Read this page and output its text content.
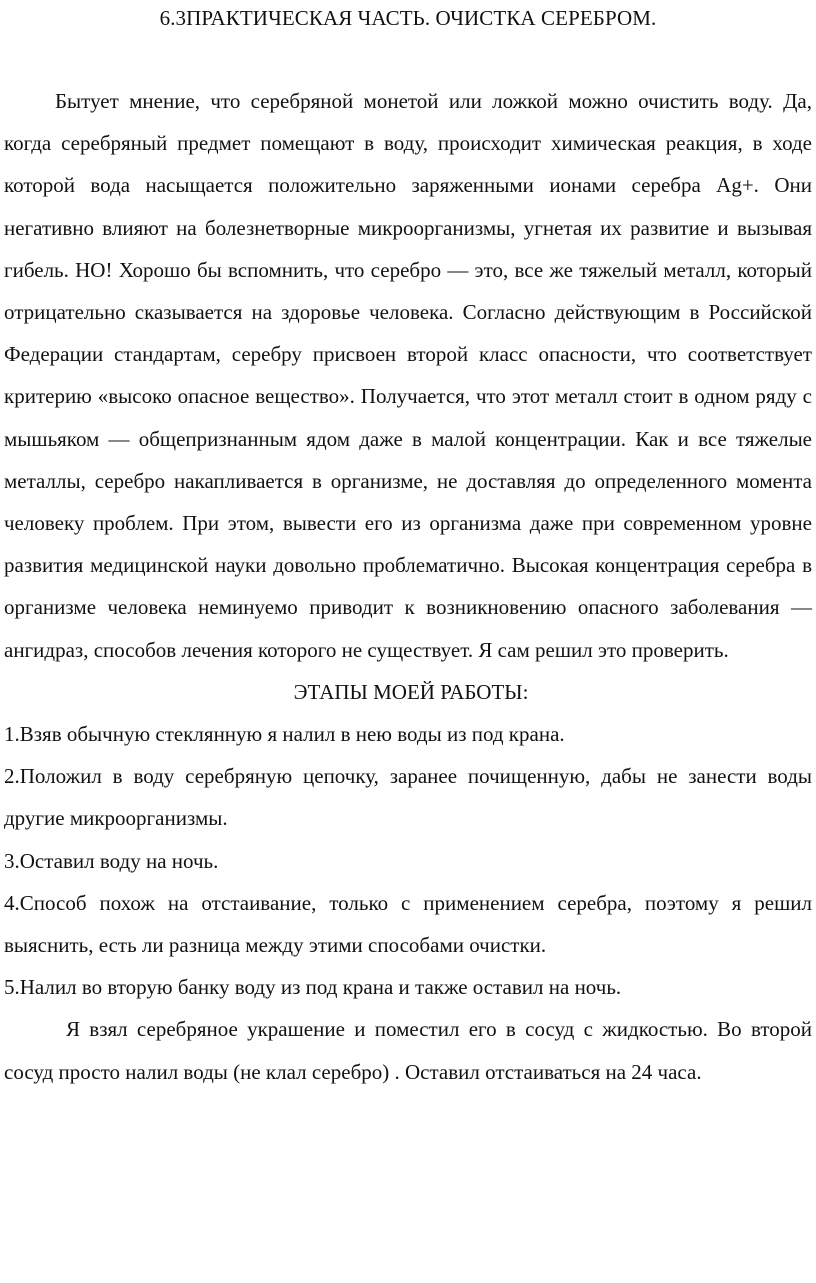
6.3ПРАКТИЧЕСКАЯ ЧАСТЬ. ОЧИСТКА СЕРЕБРОМ.

Бытует мнение, что серебряной монетой или ложкой можно очистить воду. Да, когда серебряный предмет помещают в воду, происходит химическая реакция, в ходе которой вода насыщается положительно заряженными ионами серебра Ag+. Они негативно влияют на болезнетворные микроорганизмы, угнетая их развитие и вызывая гибель. НО! Хорошо бы вспомнить, что серебро — это, все же тяжелый металл, который отрицательно сказывается на здоровье человека. Согласно действующим в Российской Федерации стандартам, серебру присвоен второй класс опасности, что соответствует критерию «высоко опасное вещество». Получается, что этот металл стоит в одном ряду с мышьяком — общепризнанным ядом даже в малой концентрации. Как и все тяжелые металлы, серебро накапливается в организме, не доставляя до определенного момента человеку проблем. При этом, вывести его из организма даже при современном уровне развития медицинской науки довольно проблематично. Высокая концентрация серебра в организме человека неминуемо приводит к возникновению опасного заболевания — ангидраз, способов лечения которого не существует. Я сам решил это проверить.

ЭТАПЫ МОЕЙ РАБОТЫ:

1.Взяв обычную стеклянную я налил в нею воды из под крана.

2.Положил в воду серебряную цепочку, заранее почищенную, дабы не занести воды другие микроорганизмы.

3.Оставил воду на ночь.

4.Способ похож на отстаивание, только с применением серебра, поэтому я решил выяснить, есть ли разница между этими способами очистки.

5.Налил во вторую банку воду из под крана и также оставил на ночь.

Я взял серебряное украшение и поместил его в сосуд с жидкостью. Во второй сосуд просто налил воды (не клал серебро) . Оставил отстаиваться на 24 часа.
